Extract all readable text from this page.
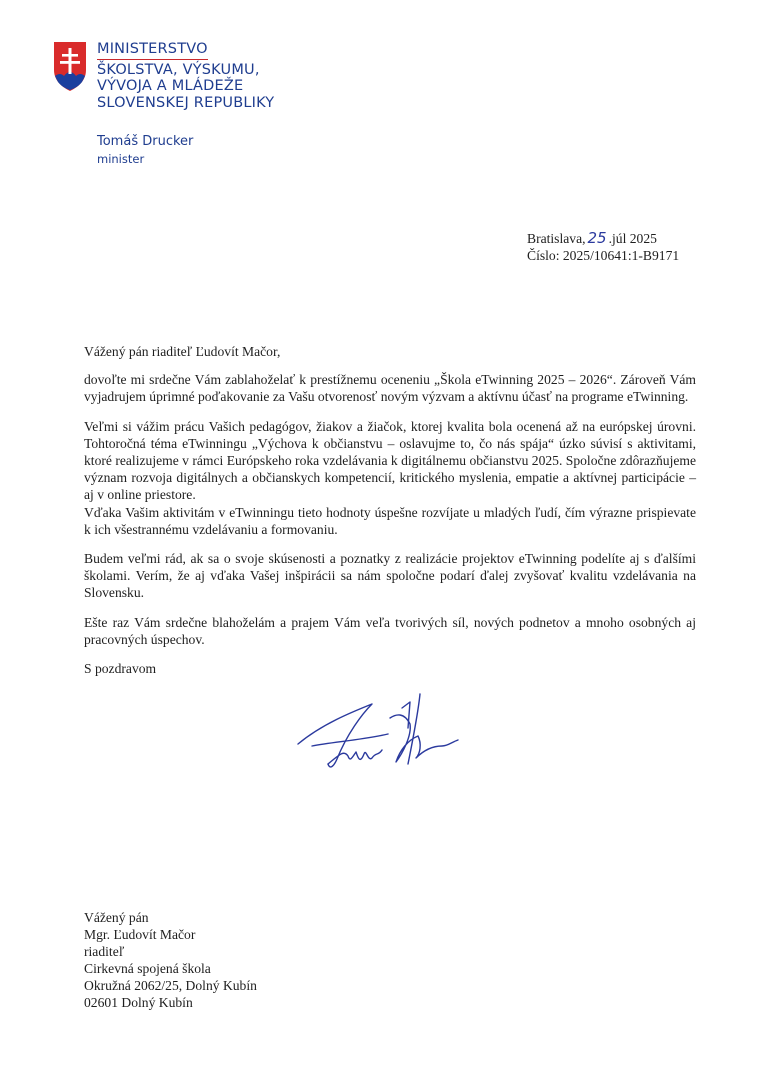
MINISTERSTVO
ŠKOLSTVA, VÝSKUMU,
VÝVOJA A MLÁDEŽE
SLOVENSKEJ REPUBLIKY
Tomáš Drucker
minister
Bratislava, 25 .júl 2025
Číslo: 2025/10641:1-B9171

Vážený pán riaditeľ Ľudovít Mačor,

dovoľte mi srdečne Vám zablahoželať k prestížnemu oceneniu „Škola eTwinning 2025 – 2026“. Zároveň Vám vyjadrujem úprimné poďakovanie za Vašu otvorenosť novým výzvam a aktívnu účasť na programe eTwinning.

Veľmi si vážim prácu Vašich pedagógov, žiakov a žiačok, ktorej kvalita bola ocenená až na európskej úrovni. Tohtoročná téma eTwinningu „Výchova k občianstvu – oslavujme to, čo nás spája“ úzko súvisí s aktivitami, ktoré realizujeme v rámci Európskeho roka vzdelávania k digitálnemu občianstvu 2025. Spoločne zdôrazňujeme význam rozvoja digitálnych a občianskych kompetencií, kritického myslenia, empatie a aktívnej participácie – aj v online priestore.
Vďaka Vašim aktivitám v eTwinningu tieto hodnoty úspešne rozvíjate u mladých ľudí, čím výrazne prispievate k ich všestrannému vzdelávaniu a formovaniu.

Budem veľmi rád, ak sa o svoje skúsenosti a poznatky z realizácie projektov eTwinning podelíte aj s ďalšími školami. Verím, že aj vďaka Vašej inšpirácii sa nám spoločne podarí ďalej zvyšovať kvalitu vzdelávania na Slovensku.

Ešte raz Vám srdečne blahoželám a prajem Vám veľa tvorivých síl, nových podnetov a mnoho osobných aj pracovných úspechov.

S pozdravom

Vážený pán
Mgr. Ľudovít Mačor
riaditeľ
Cirkevná spojená škola
Okružná 2062/25, Dolný Kubín
02601 Dolný Kubín
